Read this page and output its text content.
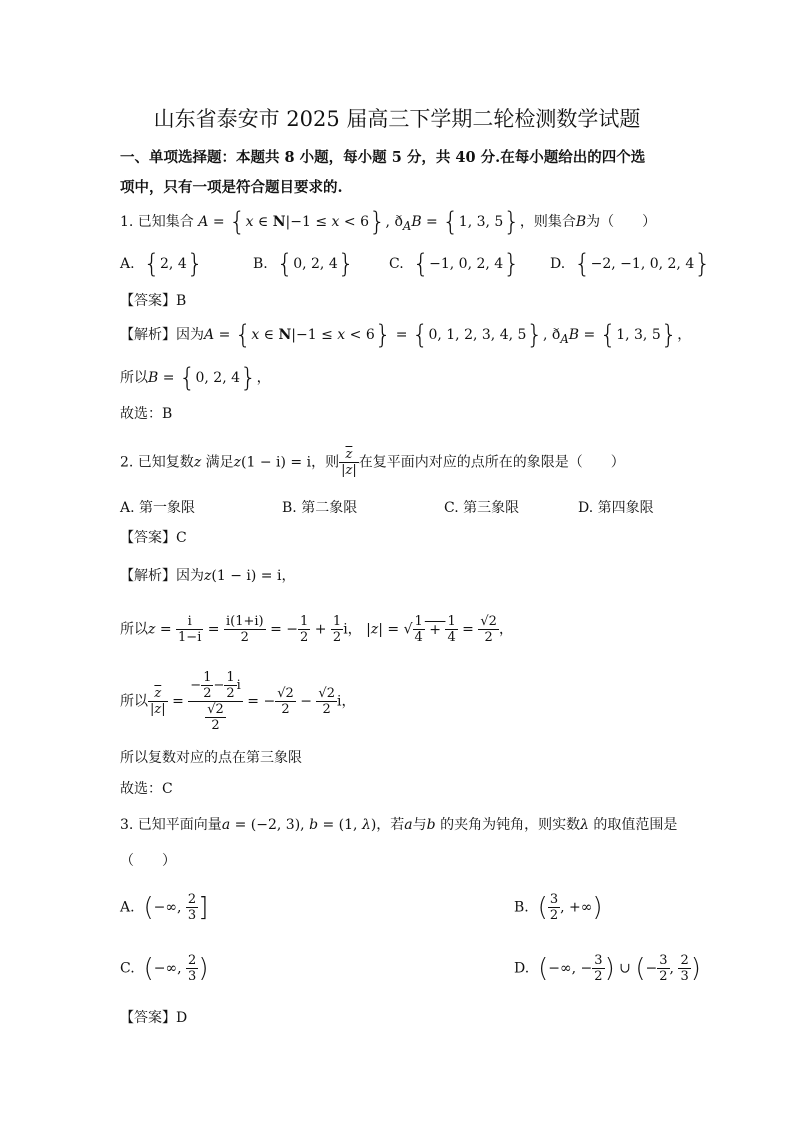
山东省泰安市 2025 届高三下学期二轮检测数学试题
一、单项选择题：本题共 8 小题，每小题 5 分，共 40 分.在每小题给出的四个选
项中，只有一项是符合题目要求的.
1. 已知集合 A = {x ∈ N|−1 ≤ x < 6}, $ð_AB = \{1$, 3, 5}，则集合B为（　　）
A. {2, 4}	B. {0, 2, 4} C. {−1, 0, 2, 4} D. {−2, −1, 0, 2, 4}
【答案】B
【解析】因为A = {x ∈ N|−1 ≤ x < 6} = {0, 1, 2, 3, 4, 5}, $ð_AB = \{1$, 3, 5}，
所以B = {0, 2, 4}，
故选：B
2. 已知复数z 满足z(1 − i) = i，则 $\frac{\overline{z}}{|z|}$ 在复平面内对应的点所在的象限是（　　）
A. 第一象限	B. 第二象限	C. 第三象限	D. 第四象限
【答案】C
【解析】因为z(1 − i) = i，
所以$z = \frac{i}{1-i} = \frac{i(1+i)}{2}$ = − $\frac{1}{2} + \frac{1}{2}$ i， |z| = √ $\frac{1}{4} + \frac{1}{4} = \frac{√2}{2}$ ，
所以 $\frac{\overline{z}}{|z|} = \frac{- \frac{1}{2} - \frac{1}{2} i}{\frac{√2}{2}}$ = − $\frac{√2}{2} - \frac{√2}{2}$ i，
所以复数对应的点在第三象限
故选：C
3. 已知平面向量a = (−2, 3), b = (1, λ)，若a与b 的夹角为钝角，则实数λ 的取值范围是
（　　）
A. (−∞, $\frac{2}{3}$ ]	B. ( $\frac{3}{2}$ , +∞)
C. (−∞, $\frac{2}{3}$ )	D. (−∞, − $\frac{3}{2}$ ) ∪ (− $\frac{3}{2}$ , $\frac{2}{3}$ )
【答案】D
